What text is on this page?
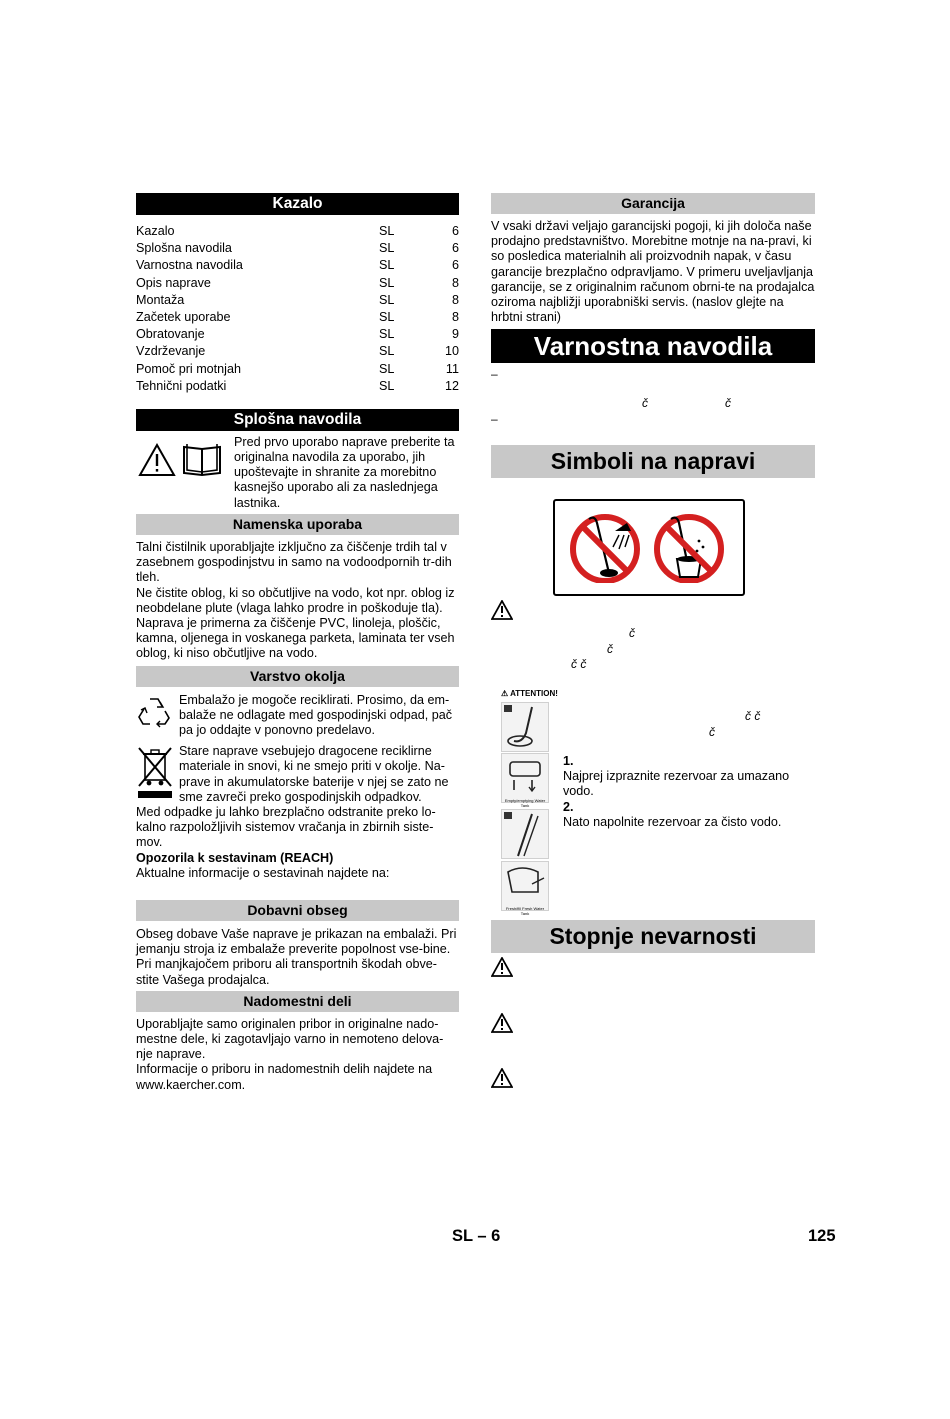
Kazalo
Kazalo	SL	6
Splošna navodila	SL	6
Varnostna navodila	SL	6
Opis naprave	SL	8
Montaža	SL	8
Začetek uporabe	SL	8
Obratovanje	SL	9
Vzdrževanje	SL	10
Pomoč pri motnjah	SL	11
Tehnični podatki	SL	12
Splošna navodila

Pred prvo uporabo naprave preberite ta originalna navodila za uporabo, jih upoštevajte in shranite za morebitno kasnejšo uporabo ali za naslednjega lastnika.

Namenska uporaba

Talni čistilnik uporabljajte izključno za čiščenje trdih tal v zasebnem gospodinjstvu in samo na vodoodpornih tr-dih tleh.

Ne čistite oblog, ki so občutljive na vodo, kot npr. oblog iz neobdelane plute (vlaga lahko prodre in poškoduje tla).

Naprava je primerna za čiščenje PVC, linoleja, ploščic, kamna, oljenega in voskanega parketa, laminata ter vseh oblog, ki niso občutljive na vodo.

Varstvo okolja

Embalažo je mogoče reciklirati. Prosimo, da em-balaže ne odlagate med gospodinjski odpad, pač pa jo oddajte v ponovno predelavo.

Stare naprave vsebujejo dragocene reciklirne materiale in snovi, ki ne smejo priti v okolje. Na-prave in akumulatorske baterije v njej se zato ne sme zavreči preko gospodinjskih odpadkov.

Med odpadke ju lahko brezplačno odstranite preko lo-kalno razpoložljivih sistemov vračanja in zbirnih siste-mov.

Opozorila k sestavinam (REACH)

Aktualne informacije o sestavinah najdete na:

Dobavni obseg

Obseg dobave Vaše naprave je prikazan na embalaži. Pri jemanju stroja iz embalaže preverite popolnost vse-bine.

Pri manjkajočem priboru ali transportnih škodah obve-stite Vašega prodajalca.

Nadomestni deli

Uporabljajte samo originalen pribor in originalne nado-mestne dele, ki zagotavljajo varno in nemoteno delova-nje naprave.

Informacije o priboru in nadomestnih delih najdete na www.kaercher.com.

Garancija

V vsaki državi veljajo garancijski pogoji, ki jih določa naše prodajno predstavništvo. Morebitne motnje na na-pravi, ki so posledica materialnih ali proizvodnih napak, v času garancije brezplačno odpravljamo. V primeru uveljavljanja garancije, se z originalnim računom obrni-te na prodajalca oziroma najbližji uporabniški servis. (naslov glejte na hrbtni strani)

Varnostna navodila
–
č	č
–
Simboli na napravi
č
č
č č
⚠ ATTENTION!
č č
č
Empty/emptying Water Tank
Fresh/fill Fresh Water Tank

1.

Najprej izpraznite rezervoar za umazano vodo.

2.

Nato napolnite rezervoar za čisto vodo.

Stopnje nevarnosti
SL – 6	125
